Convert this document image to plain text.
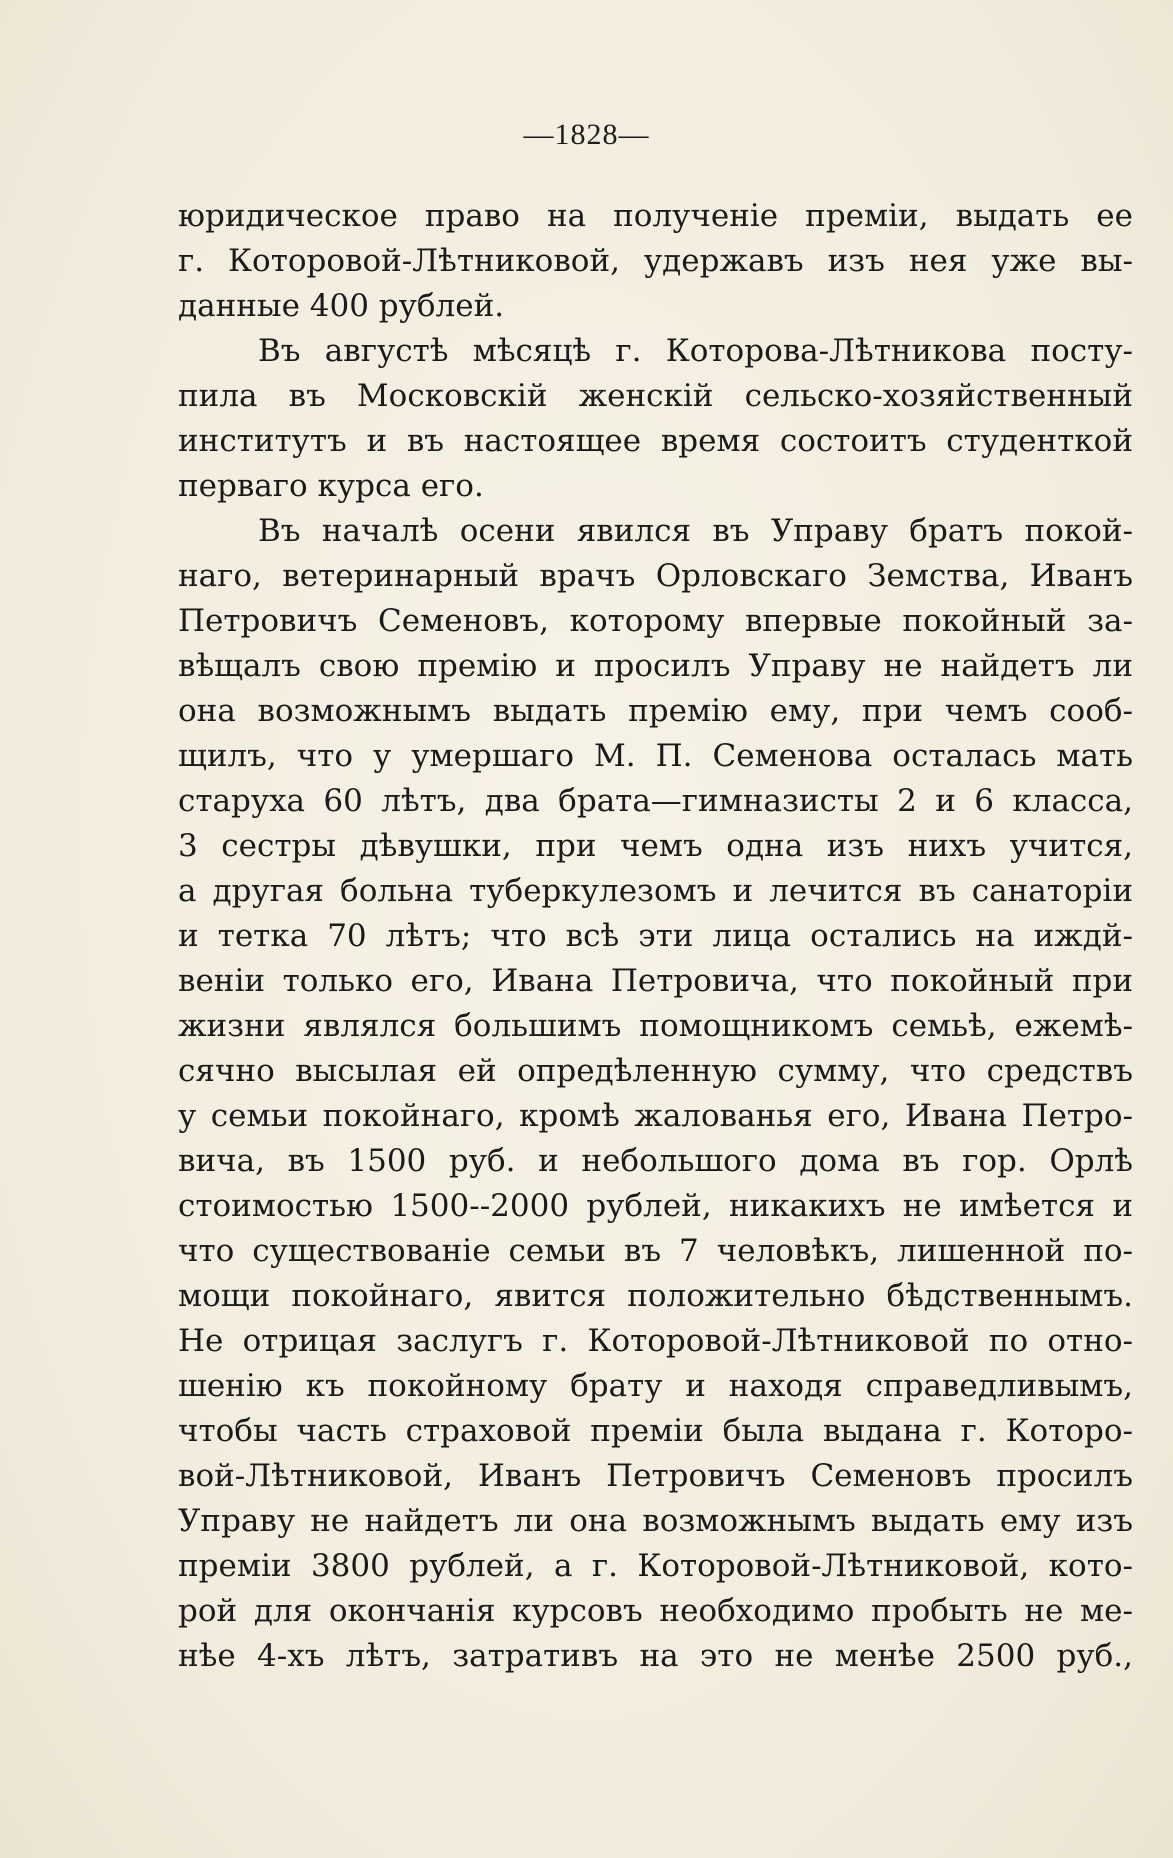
—1828—
юридическое право на полученіе преміи, выдать ее
г. Которовой-Лѣтниковой, удержавъ изъ нея уже вы-
данные 400 рублей.
Въ августѣ мѣсяцѣ г. Которова-Лѣтникова посту-
пила въ Московскій женскій сельско-хозяйственный
институтъ и въ настоящее время состоитъ студенткой
перваго курса его.
Въ началѣ осени явился въ Управу братъ покой-
наго, ветеринарный врачъ Орловскаго Земства, Иванъ
Петровичъ Семеновъ, которому впервые покойный за-
вѣщалъ свою премію и просилъ Управу не найдетъ ли
она возможнымъ выдать премію ему, при чемъ сооб-
щилъ, что у умершаго М. П. Семенова осталась мать
старуха 60 лѣтъ, два брата—гимназисты 2 и 6 класса,
3 сестры дѣвушки, при чемъ одна изъ нихъ учится,
а другая больна туберкулезомъ и лечится въ санаторіи
и тетка 70 лѣтъ; что всѣ эти лица остались на иждй-
веніи только его, Ивана Петровича, что покойный при
жизни являлся большимъ помощникомъ семьѣ, ежемѣ-
сячно высылая ей опредѣленную сумму, что средствъ
у семьи покойнаго, кромѣ жалованья его, Ивана Петро-
вича, въ 1500 руб. и небольшого дома въ гор. Орлѣ
стоимостью 1500--2000 рублей, никакихъ не имѣется и
что существованіе семьи въ 7 человѣкъ, лишенной по-
мощи покойнаго, явится положительно бѣдственнымъ.
Не отрицая заслугъ г. Которовой-Лѣтниковой по отно-
шенію къ покойному брату и находя справедливымъ,
чтобы часть страховой преміи была выдана г. Которо-
вой-Лѣтниковой, Иванъ Петровичъ Семеновъ просилъ
Управу не найдетъ ли она возможнымъ выдать ему изъ
преміи 3800 рублей, а г. Которовой-Лѣтниковой, кото-
рой для окончанія курсовъ необходимо пробыть не ме-
нѣе 4-хъ лѣтъ, затративъ на это не менѣе 2500 руб.,
